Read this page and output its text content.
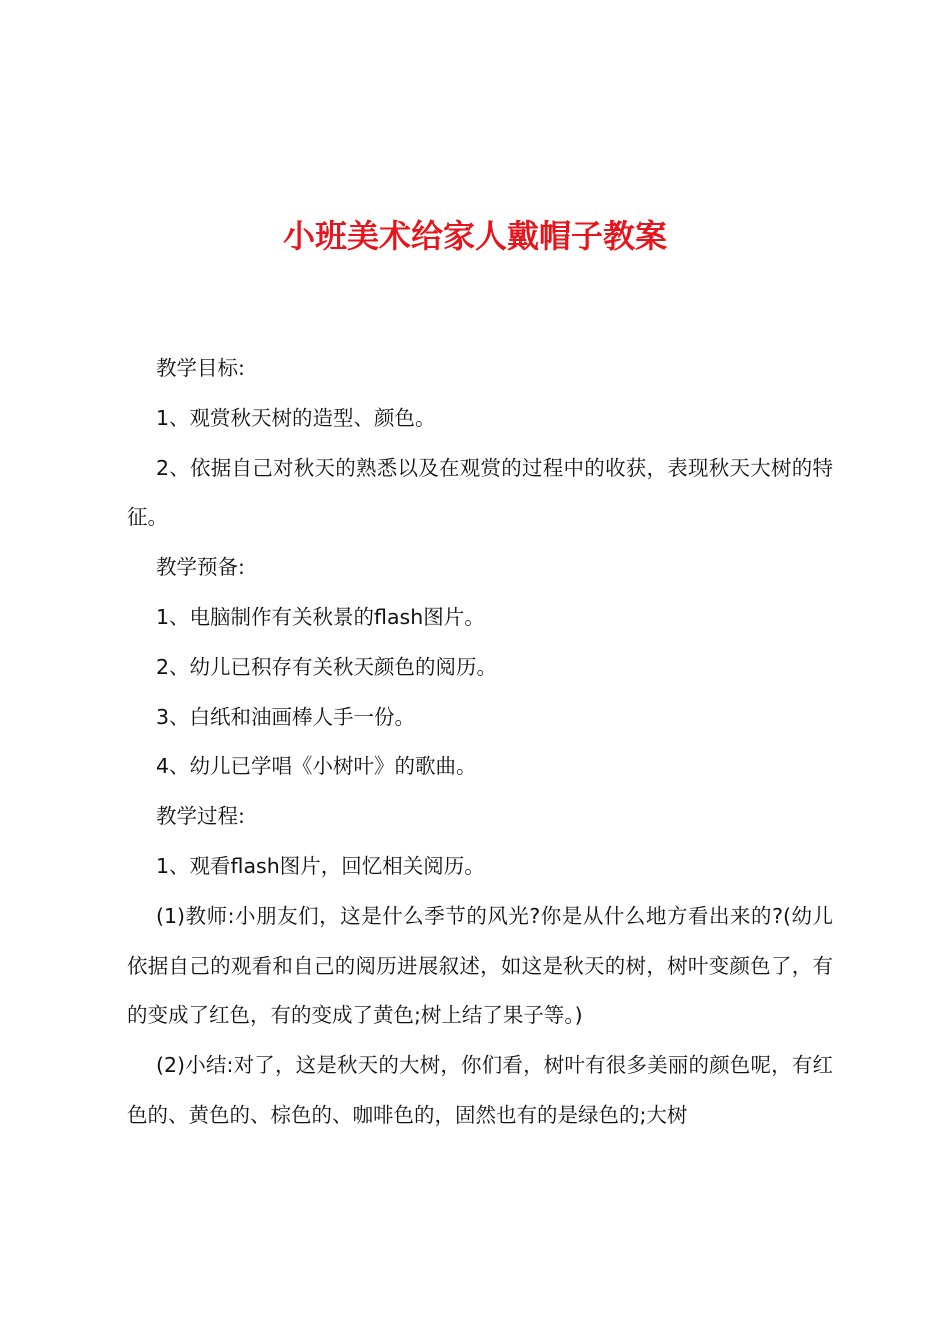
小班美术给家人戴帽子教案

教学目标:

1、观赏秋天树的造型、颜色。

2、依据自己对秋天的熟悉以及在观赏的过程中的收获，表现秋天大树的特征。

教学预备:

1、电脑制作有关秋景的flash图片。

2、幼儿已积存有关秋天颜色的阅历。

3、白纸和油画棒人手一份。

4、幼儿已学唱《小树叶》的歌曲。

教学过程:

1、观看flash图片，回忆相关阅历。

(1)教师:小朋友们，这是什么季节的风光?你是从什么地方看出来的?(幼儿依据自己的观看和自己的阅历进展叙述，如这是秋天的树，树叶变颜色了，有的变成了红色，有的变成了黄色;树上结了果子等。)

(2)小结:对了，这是秋天的大树，你们看，树叶有很多美丽的颜色呢，有红色的、黄色的、棕色的、咖啡色的，固然也有的是绿色的;大树
